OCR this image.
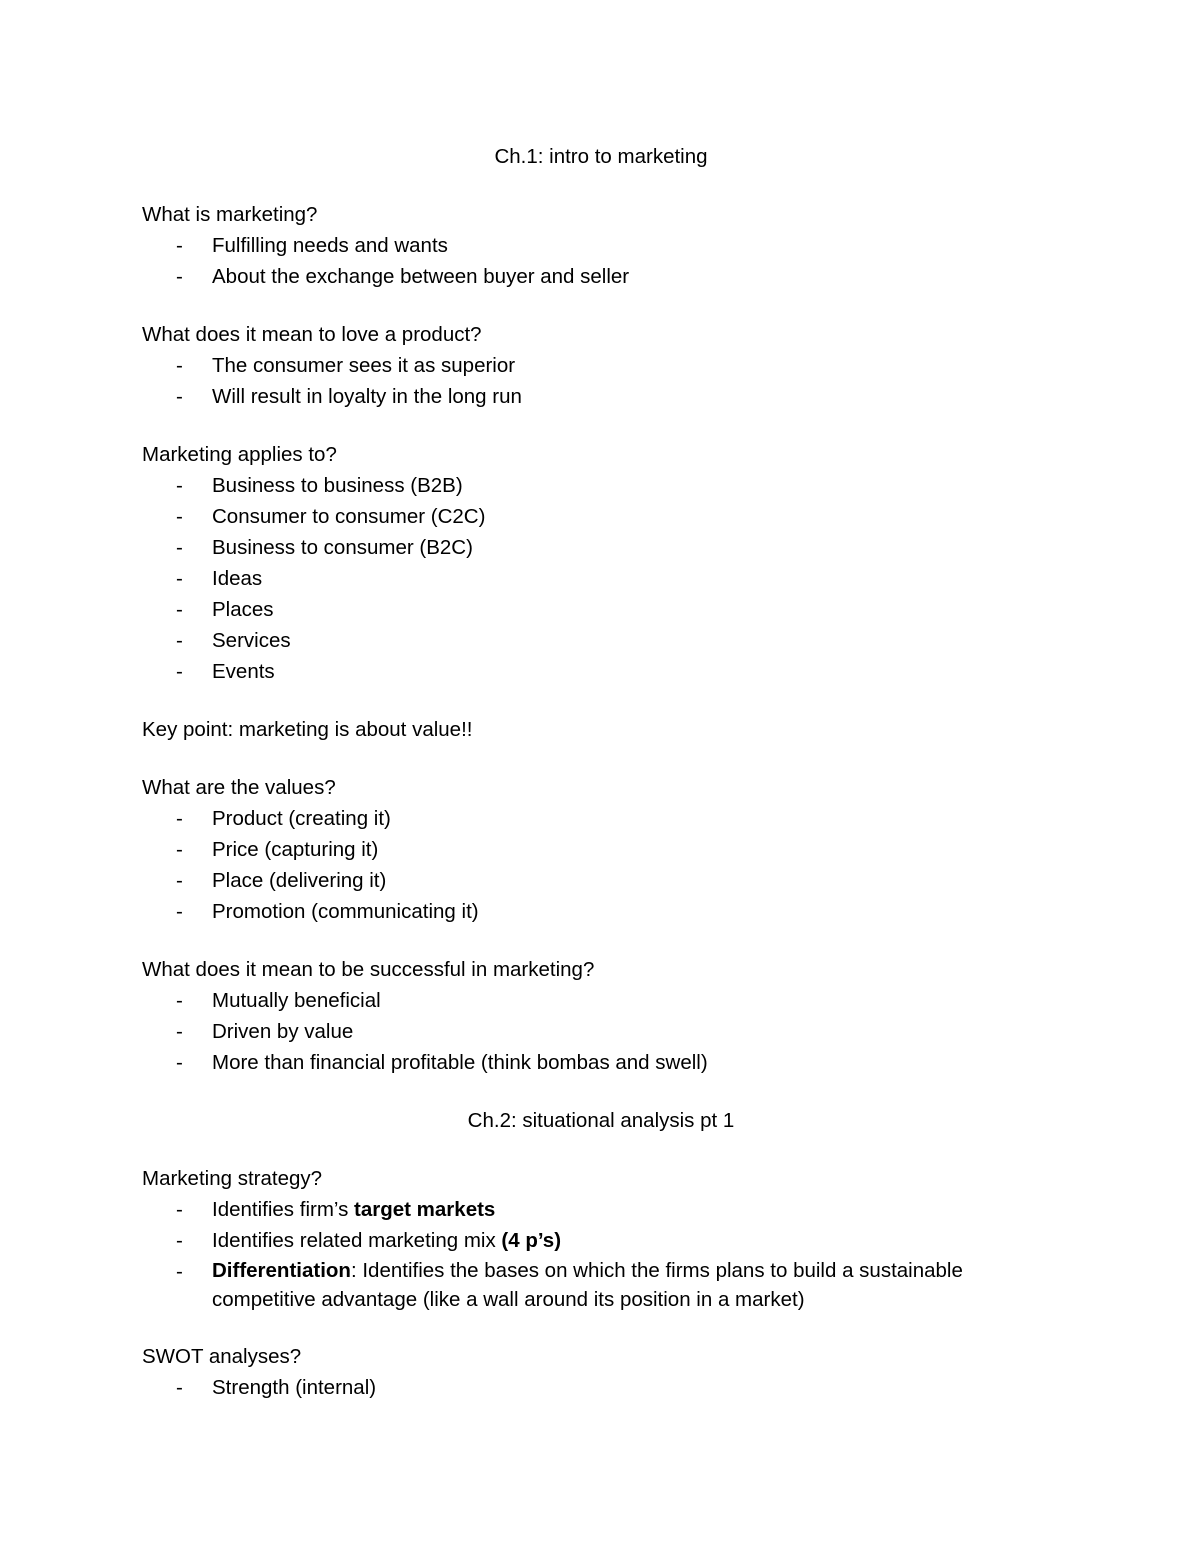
Ch.1: intro to marketing

What is marketing?

- Fulfilling needs and wants
- About the exchange between buyer and seller

What does it mean to love a product?

- The consumer sees it as superior
- Will result in loyalty in the long run

Marketing applies to?

- Business to business (B2B)
- Consumer to consumer (C2C)
- Business to consumer (B2C)
- Ideas
- Places
- Services
- Events

Key point: marketing is about value!!

What are the values?

- Product (creating it)
- Price (capturing it)
- Place (delivering it)
- Promotion (communicating it)

What does it mean to be successful in marketing?

- Mutually beneficial
- Driven by value
- More than financial profitable (think bombas and swell)
Ch.2: situational analysis pt 1

Marketing strategy?

- Identifies firm’s target markets
- Identifies related marketing mix (4 p’s)
- Differentiation: Identifies the bases on which the firms plans to build a sustainable competitive advantage (like a wall around its position in a market)

SWOT analyses?

- Strength (internal)
